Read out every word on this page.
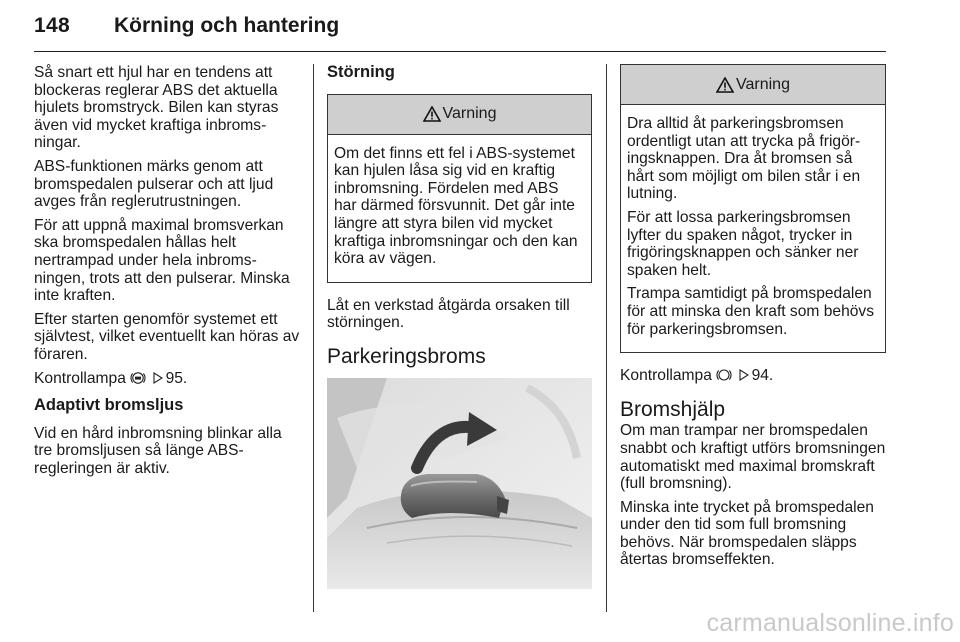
148 Körning och hantering

Så snart ett hjul har en tendens att blockeras reglerar ABS det aktuella hjulets bromstryck. Bilen kan styras även vid mycket kraftiga inbromsningar.

ABS-funktionen märks genom att bromspedalen pulserar och att ljud avges från reglerutrustningen.

För att uppnå maximal bromsverkan ska bromspedalen hållas helt nertrampad under hela inbromsningen, trots att den pulserar. Minska inte kraften.

Efter starten genomför systemet ett självtest, vilket eventuellt kan höras av föraren.

Kontrollampa	95.

Adaptivt bromsljus

Vid en hård inbromsning blinkar alla tre bromsljusen så länge ABS-regleringen är aktiv.

Störning
Varning

Om det finns ett fel i ABS-systemet kan hjulen låsa sig vid en kraftig inbromsning. Fördelen med ABS har därmed försvunnit. Det går inte längre att styra bilen vid mycket kraftiga inbromsningar och den kan köra av vägen.

Låt en verkstad åtgärda orsaken till störningen.

Parkeringsbroms
Varning

Dra alltid åt parkeringsbromsen ordentligt utan att trycka på frigöringsknappen. Dra åt bromsen så hårt som möjligt om bilen står i en lutning.

För att lossa parkeringsbromsen lyfter du spaken något, trycker in frigöringsknappen och sänker ner spaken helt.

Trampa samtidigt på bromspedalen för att minska den kraft som behövs för parkeringsbromsen.

Kontrollampa	94.

Bromshjälp

Om man trampar ner bromspedalen snabbt och kraftigt utförs bromsningen automatiskt med maximal bromskraft (full bromsning).

Minska inte trycket på bromspedalen under den tid som full bromsning behövs. När bromspedalen släpps återtas bromseffekten.

carmanualsonline.info
